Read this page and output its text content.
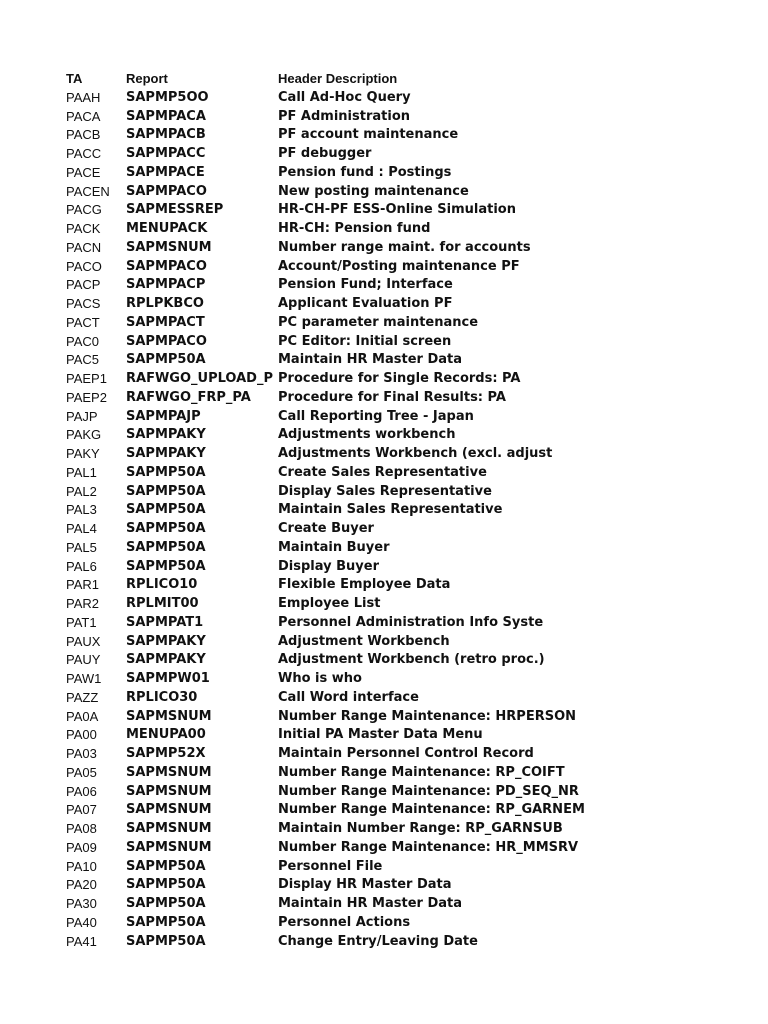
TA	Report	Header Description
PAAH	SAPMP5OO	Call Ad-Hoc Query
PACA	SAPMPACA	PF Administration
PACB	SAPMPACB	PF account maintenance
PACC	SAPMPACC	PF debugger
PACE	SAPMPACE	Pension fund : Postings
PACEN	SAPMPACO	New posting maintenance
PACG	SAPMESSREP	HR-CH-PF ESS-Online Simulation
PACK	MENUPACK	HR-CH: Pension fund
PACN	SAPMSNUM	Number range maint. for accounts
PACO	SAPMPACO	Account/Posting maintenance PF
PACP	SAPMPACP	Pension Fund; Interface
PACS	RPLPKBCO	Applicant Evaluation PF
PACT	SAPMPACT	PC parameter maintenance
PAC0	SAPMPACO	PC Editor: Initial screen
PAC5	SAPMP50A	Maintain HR Master Data
PAEP1	RAFWGO_UPLOAD_P	Procedure for Single Records: PA
PAEP2	RAFWGO_FRP_PA	Procedure for Final Results: PA
PAJP	SAPMPAJP	Call Reporting Tree - Japan
PAKG	SAPMPAKY	Adjustments workbench
PAKY	SAPMPAKY	Adjustments Workbench (excl. adjust
PAL1	SAPMP50A	Create Sales Representative
PAL2	SAPMP50A	Display Sales Representative
PAL3	SAPMP50A	Maintain Sales Representative
PAL4	SAPMP50A	Create Buyer
PAL5	SAPMP50A	Maintain Buyer
PAL6	SAPMP50A	Display Buyer
PAR1	RPLICO10	Flexible Employee Data
PAR2	RPLMIT00	Employee List
PAT1	SAPMPAT1	Personnel Administration Info Syste
PAUX	SAPMPAKY	Adjustment Workbench
PAUY	SAPMPAKY	Adjustment Workbench (retro proc.)
PAW1	SAPMPW01	Who is who
PAZZ	RPLICO30	Call Word interface
PA0A	SAPMSNUM	Number Range Maintenance: HRPERSON
PA00	MENUPA00	Initial PA Master Data Menu
PA03	SAPMP52X	Maintain Personnel Control Record
PA05	SAPMSNUM	Number Range Maintenance: RP_COIFT
PA06	SAPMSNUM	Number Range Maintenance: PD_SEQ_NR
PA07	SAPMSNUM	Number Range Maintenance: RP_GARNEM
PA08	SAPMSNUM	Maintain Number Range: RP_GARNSUB
PA09	SAPMSNUM	Number Range Maintenance: HR_MMSRV
PA10	SAPMP50A	Personnel File
PA20	SAPMP50A	Display HR Master Data
PA30	SAPMP50A	Maintain HR Master Data
PA40	SAPMP50A	Personnel Actions
PA41	SAPMP50A	Change Entry/Leaving Date
